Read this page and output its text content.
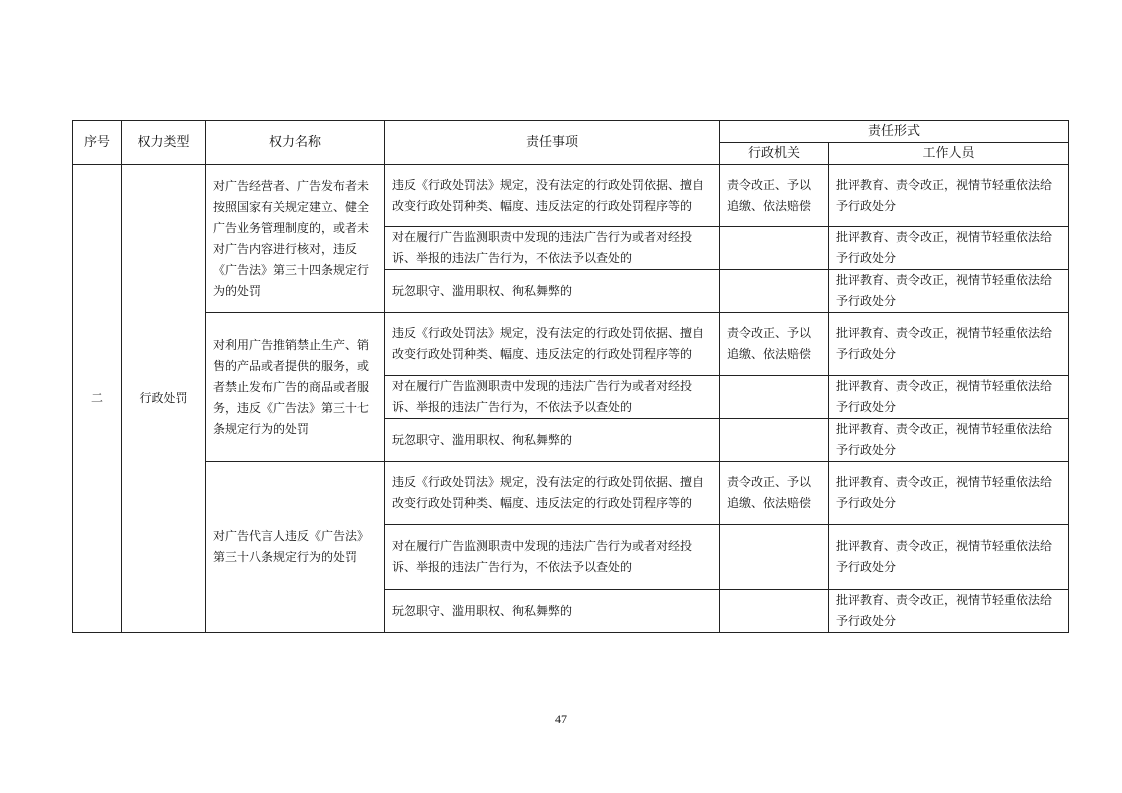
序号	权力类型	权力名称	责任事项	责任形式	
				行政机关	工作人员
二	行政处罚	对广告经营者、广告发布者未按照国家有关规定建立、健全广告业务管理制度的，或者未对广告内容进行核对，违反《广告法》第三十四条规定行为的处罚	违反《行政处罚法》规定，没有法定的行政处罚依据、擅自改变行政处罚种类、幅度、违反法定的行政处罚程序等的	责令改正、予以追缴、依法赔偿	批评教育、责令改正，视情节轻重依法给予行政处分
			对在履行广告监测职责中发现的违法广告行为或者对经投诉、举报的违法广告行为，不依法予以查处的		批评教育、责令改正，视情节轻重依法给予行政处分
			玩忽职守、滥用职权、徇私舞弊的		批评教育、责令改正，视情节轻重依法给予行政处分
		对利用广告推销禁止生产、销售的产品或者提供的服务，或者禁止发布广告的商品或者服务，违反《广告法》第三十七条规定行为的处罚	违反《行政处罚法》规定，没有法定的行政处罚依据、擅自改变行政处罚种类、幅度、违反法定的行政处罚程序等的	责令改正、予以追缴、依法赔偿	批评教育、责令改正，视情节轻重依法给予行政处分
			对在履行广告监测职责中发现的违法广告行为或者对经投诉、举报的违法广告行为，不依法予以查处的		批评教育、责令改正，视情节轻重依法给予行政处分
			玩忽职守、滥用职权、徇私舞弊的		批评教育、责令改正，视情节轻重依法给予行政处分
		对广告代言人违反《广告法》第三十八条规定行为的处罚	违反《行政处罚法》规定，没有法定的行政处罚依据、擅自改变行政处罚种类、幅度、违反法定的行政处罚程序等的	责令改正、予以追缴、依法赔偿	批评教育、责令改正，视情节轻重依法给予行政处分
			对在履行广告监测职责中发现的违法广告行为或者对经投诉、举报的违法广告行为，不依法予以查处的		批评教育、责令改正，视情节轻重依法给予行政处分
			玩忽职守、滥用职权、徇私舞弊的		批评教育、责令改正，视情节轻重依法给予行政处分
47
